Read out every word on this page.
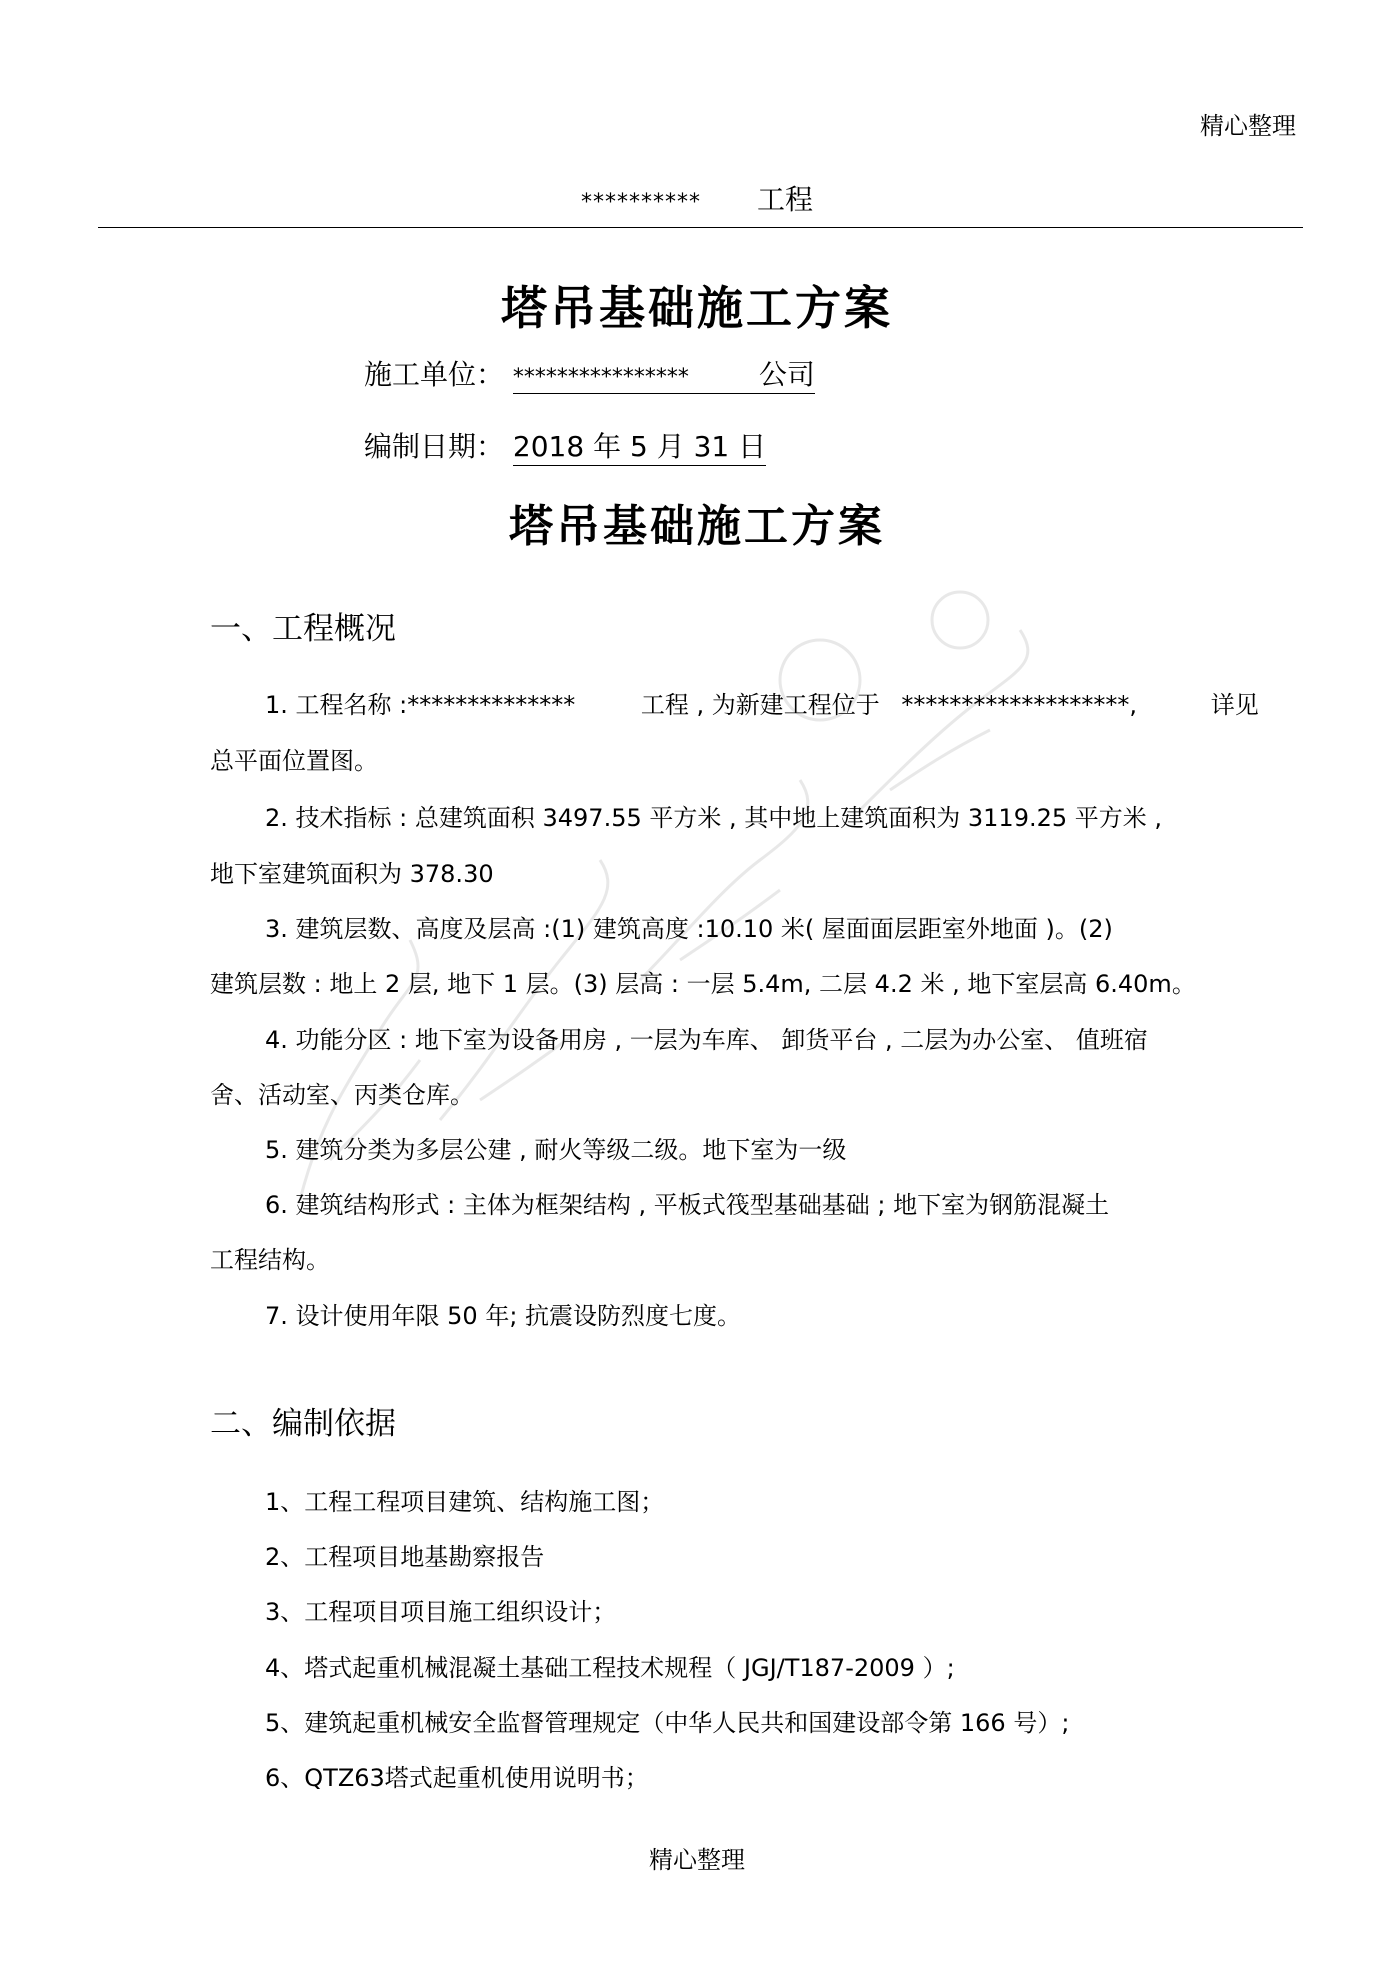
精心整理
********** 工程
塔吊基础施工方案
施工单位： ****************	公司
编制日期： 2018 年 5 月 31 日
塔吊基础施工方案
一、工程概况
1. 工程名称 :**************	工程 , 为新建工程位于 *******************,	详见
总平面位置图。
2. 技术指标 : 总建筑面积 3497.55 平方米 , 其中地上建筑面积为 3119.25 平方米 ,
地下室建筑面积为 378.30
3. 建筑层数、高度及层高 :(1) 建筑高度 :10.10 米( 屋面面层距室外地面 )。(2)
建筑层数 : 地上 2 层, 地下 1 层。(3) 层高 : 一层 5.4m, 二层 4.2 米 , 地下室层高 6.40m。
4. 功能分区 : 地下室为设备用房 , 一层为车库、 卸货平台 , 二层为办公室、 值班宿
舍、活动室、丙类仓库。
5. 建筑分类为多层公建 , 耐火等级二级。地下室为一级
6. 建筑结构形式 : 主体为框架结构 , 平板式筏型基础基础 ; 地下室为钢筋混凝土
工程结构。
7. 设计使用年限 50 年; 抗震设防烈度七度。
二、编制依据
1、工程工程项目建筑、结构施工图；
2、工程项目地基勘察报告
3、工程项目项目施工组织设计；
4、塔式起重机械混凝土基础工程技术规程（ JGJ/T187-2009 ）;
5、建筑起重机械安全监督管理规定（中华人民共和国建设部令第 166 号）;
6、QTZ63塔式起重机使用说明书；
精心整理
